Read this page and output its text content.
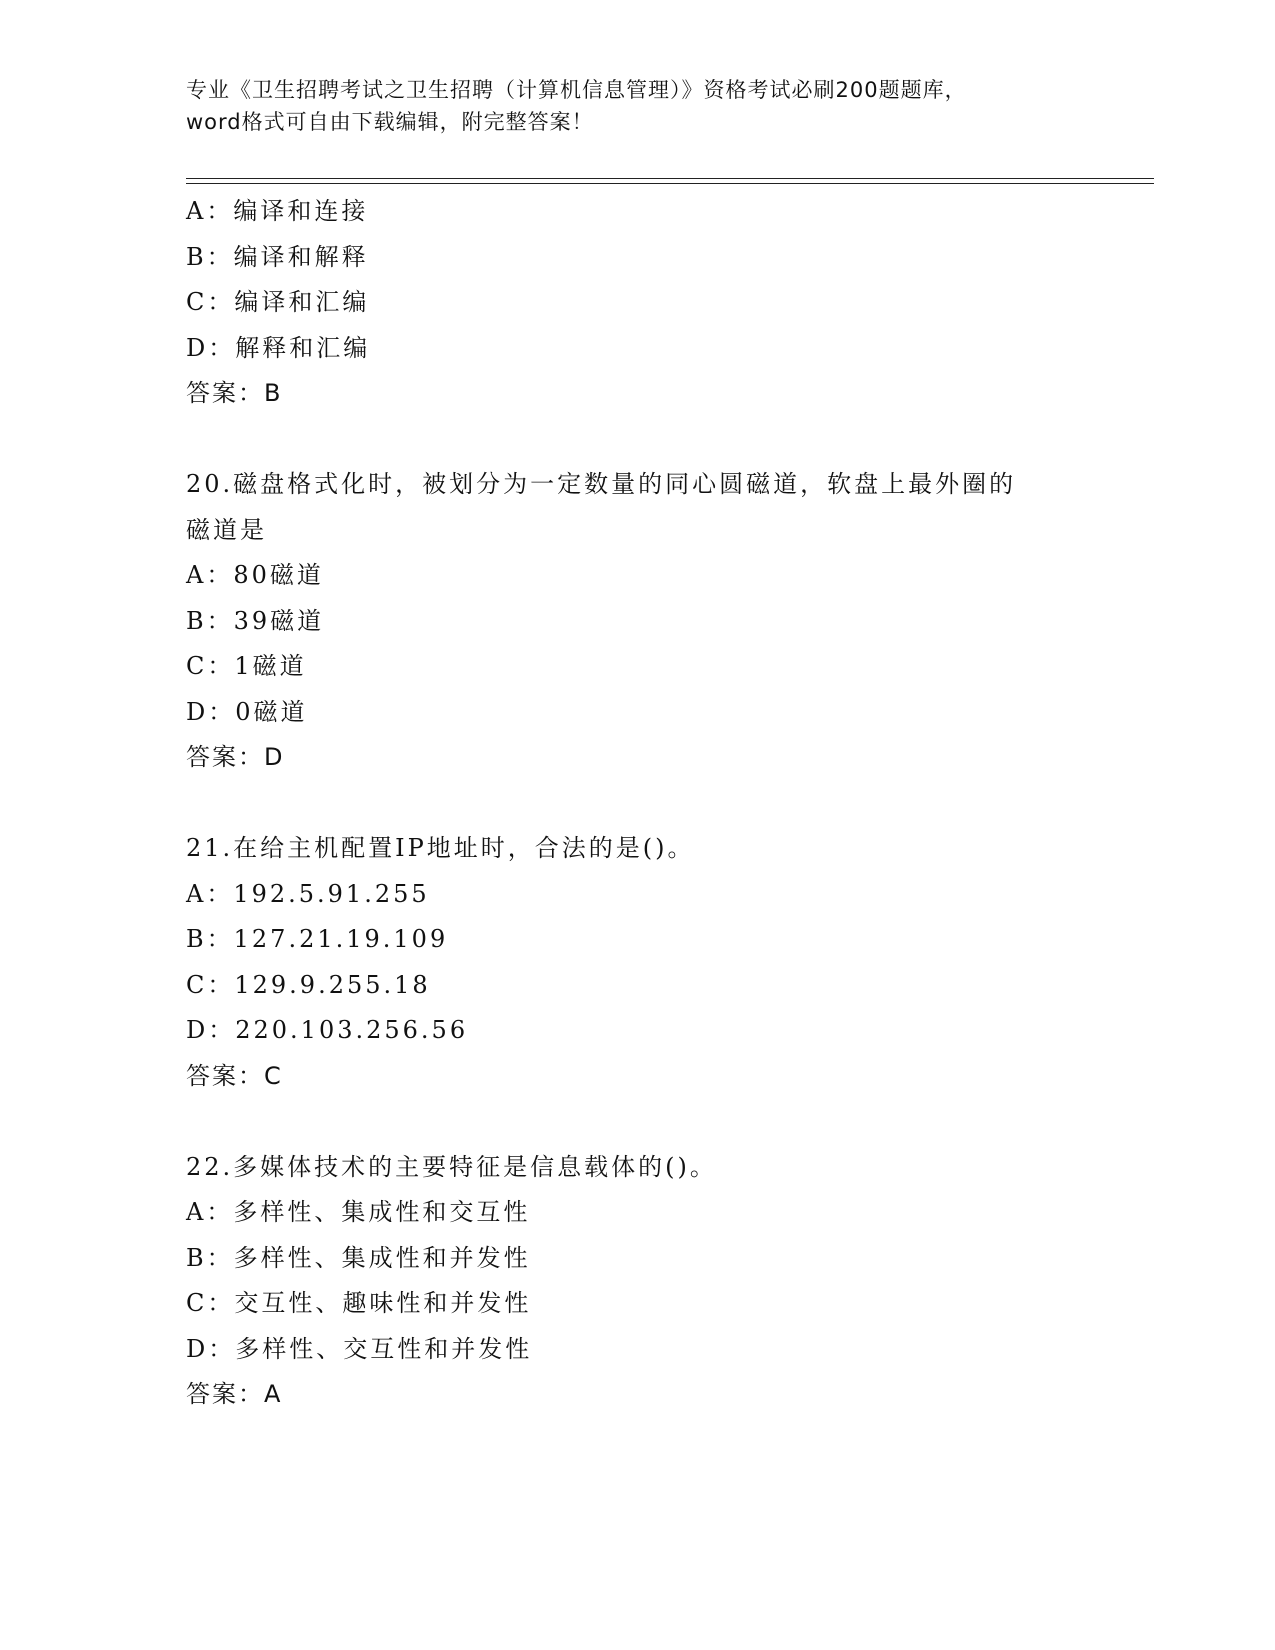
专业《卫生招聘考试之卫生招聘（计算机信息管理）》资格考试必刷200题题库，
word格式可自由下载编辑，附完整答案！
A：编译和连接
B：编译和解释
C：编译和汇编
D：解释和汇编
答案：B
20.磁盘格式化时，被划分为一定数量的同心圆磁道，软盘上最外圈的
磁道是
A：80磁道
B：39磁道
C：1磁道
D：0磁道
答案：D
21.在给主机配置IP地址时，合法的是()。
A：192.5.91.255
B：127.21.19.109
C：129.9.255.18
D：220.103.256.56
答案：C
22.多媒体技术的主要特征是信息载体的()。
A：多样性、集成性和交互性
B：多样性、集成性和并发性
C：交互性、趣味性和并发性
D：多样性、交互性和并发性
答案：A
